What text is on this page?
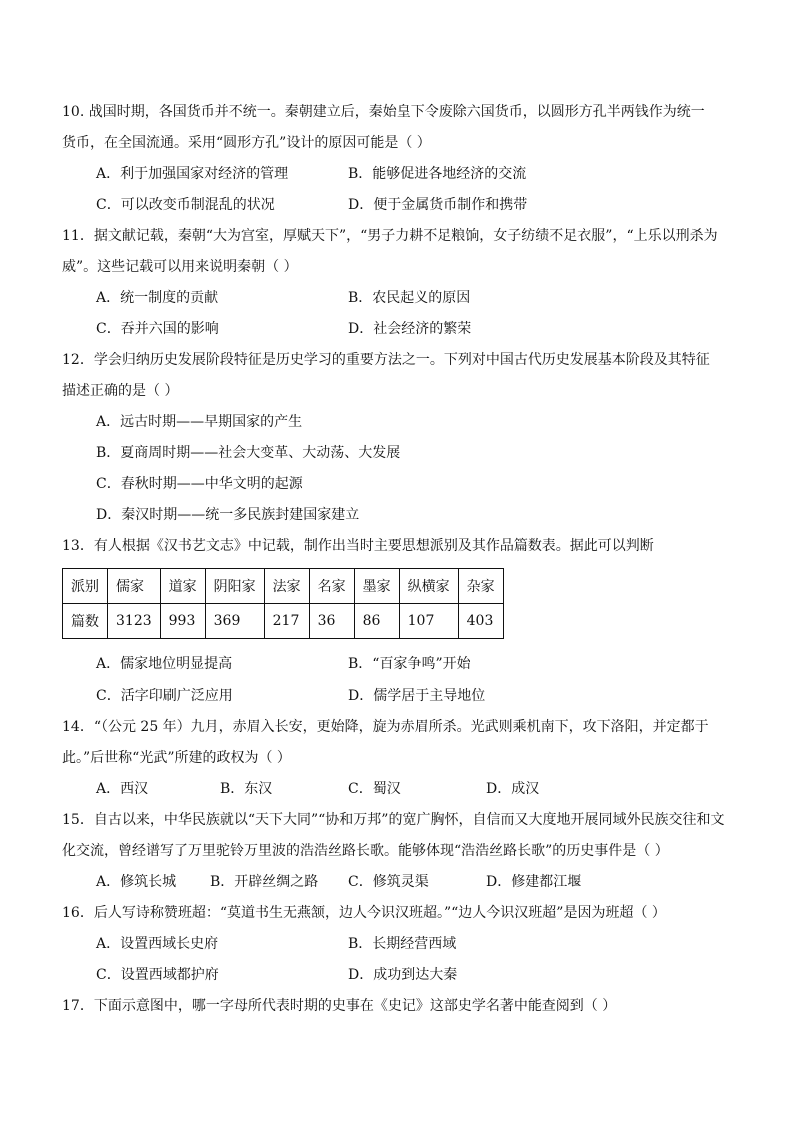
10. 战国时期，各国货币并不统一。秦朝建立后，秦始皇下令废除六国货币，以圆形方孔半两钱作为统一
货币，在全国流通。采用“圆形方孔”设计的原因可能是（ ）
A．利于加强国家对经济的管理	B．能够促进各地经济的交流
C．可以改变币制混乱的状况	D．便于金属货币制作和携带
11．据文献记载，秦朝“大为宫室，厚赋天下”，“男子力耕不足粮饷，女子纺绩不足衣服”，“上乐以刑杀为
威”。这些记载可以用来说明秦朝（ ）
A．统一制度的贡献	B．农民起义的原因
C．吞并六国的影响	D．社会经济的繁荣
12．学会归纳历史发展阶段特征是历史学习的重要方法之一。下列对中国古代历史发展基本阶段及其特征
描述正确的是（ ）
A．远古时期——早期国家的产生
B．夏商周时期——社会大变革、大动荡、大发展
C．春秋时期——中华文明的起源
D．秦汉时期——统一多民族封建国家建立
13．有人根据《汉书艺文志》中记载，制作出当时主要思想派别及其作品篇数表。据此可以判断
派别	儒家	道家	阴阳家	法家	名家	墨家	纵横家	杂家
篇数	3123	993	369	217	36	86	107	403
A．儒家地位明显提高	B．“百家争鸣”开始
C．活字印刷广泛应用	D．儒学居于主导地位
14．“（公元 25 年）九月，赤眉入长安，更始降，旋为赤眉所杀。光武则乘机南下，攻下洛阳，并定都于
此。”后世称“光武”所建的政权为（ ）
A．西汉	B．东汉	C．蜀汉	D．成汉
15．自古以来，中华民族就以“天下大同”“协和万邦”的宽广胸怀，自信而又大度地开展同域外民族交往和文
化交流，曾经谱写了万里驼铃万里波的浩浩丝路长歌。能够体现“浩浩丝路长歌”的历史事件是（ ）
A．修筑长城 B．开辟丝绸之路 C．修筑灵渠	D．修建都江堰
16．后人写诗称赞班超：“莫道书生无燕颔，边人今识汉班超。”“边人今识汉班超”是因为班超（ ）
A．设置西域长史府	B．长期经营西域
C．设置西域都护府	D．成功到达大秦
17．下面示意图中，哪一字母所代表时期的史事在《史记》这部史学名著中能查阅到（ ）
